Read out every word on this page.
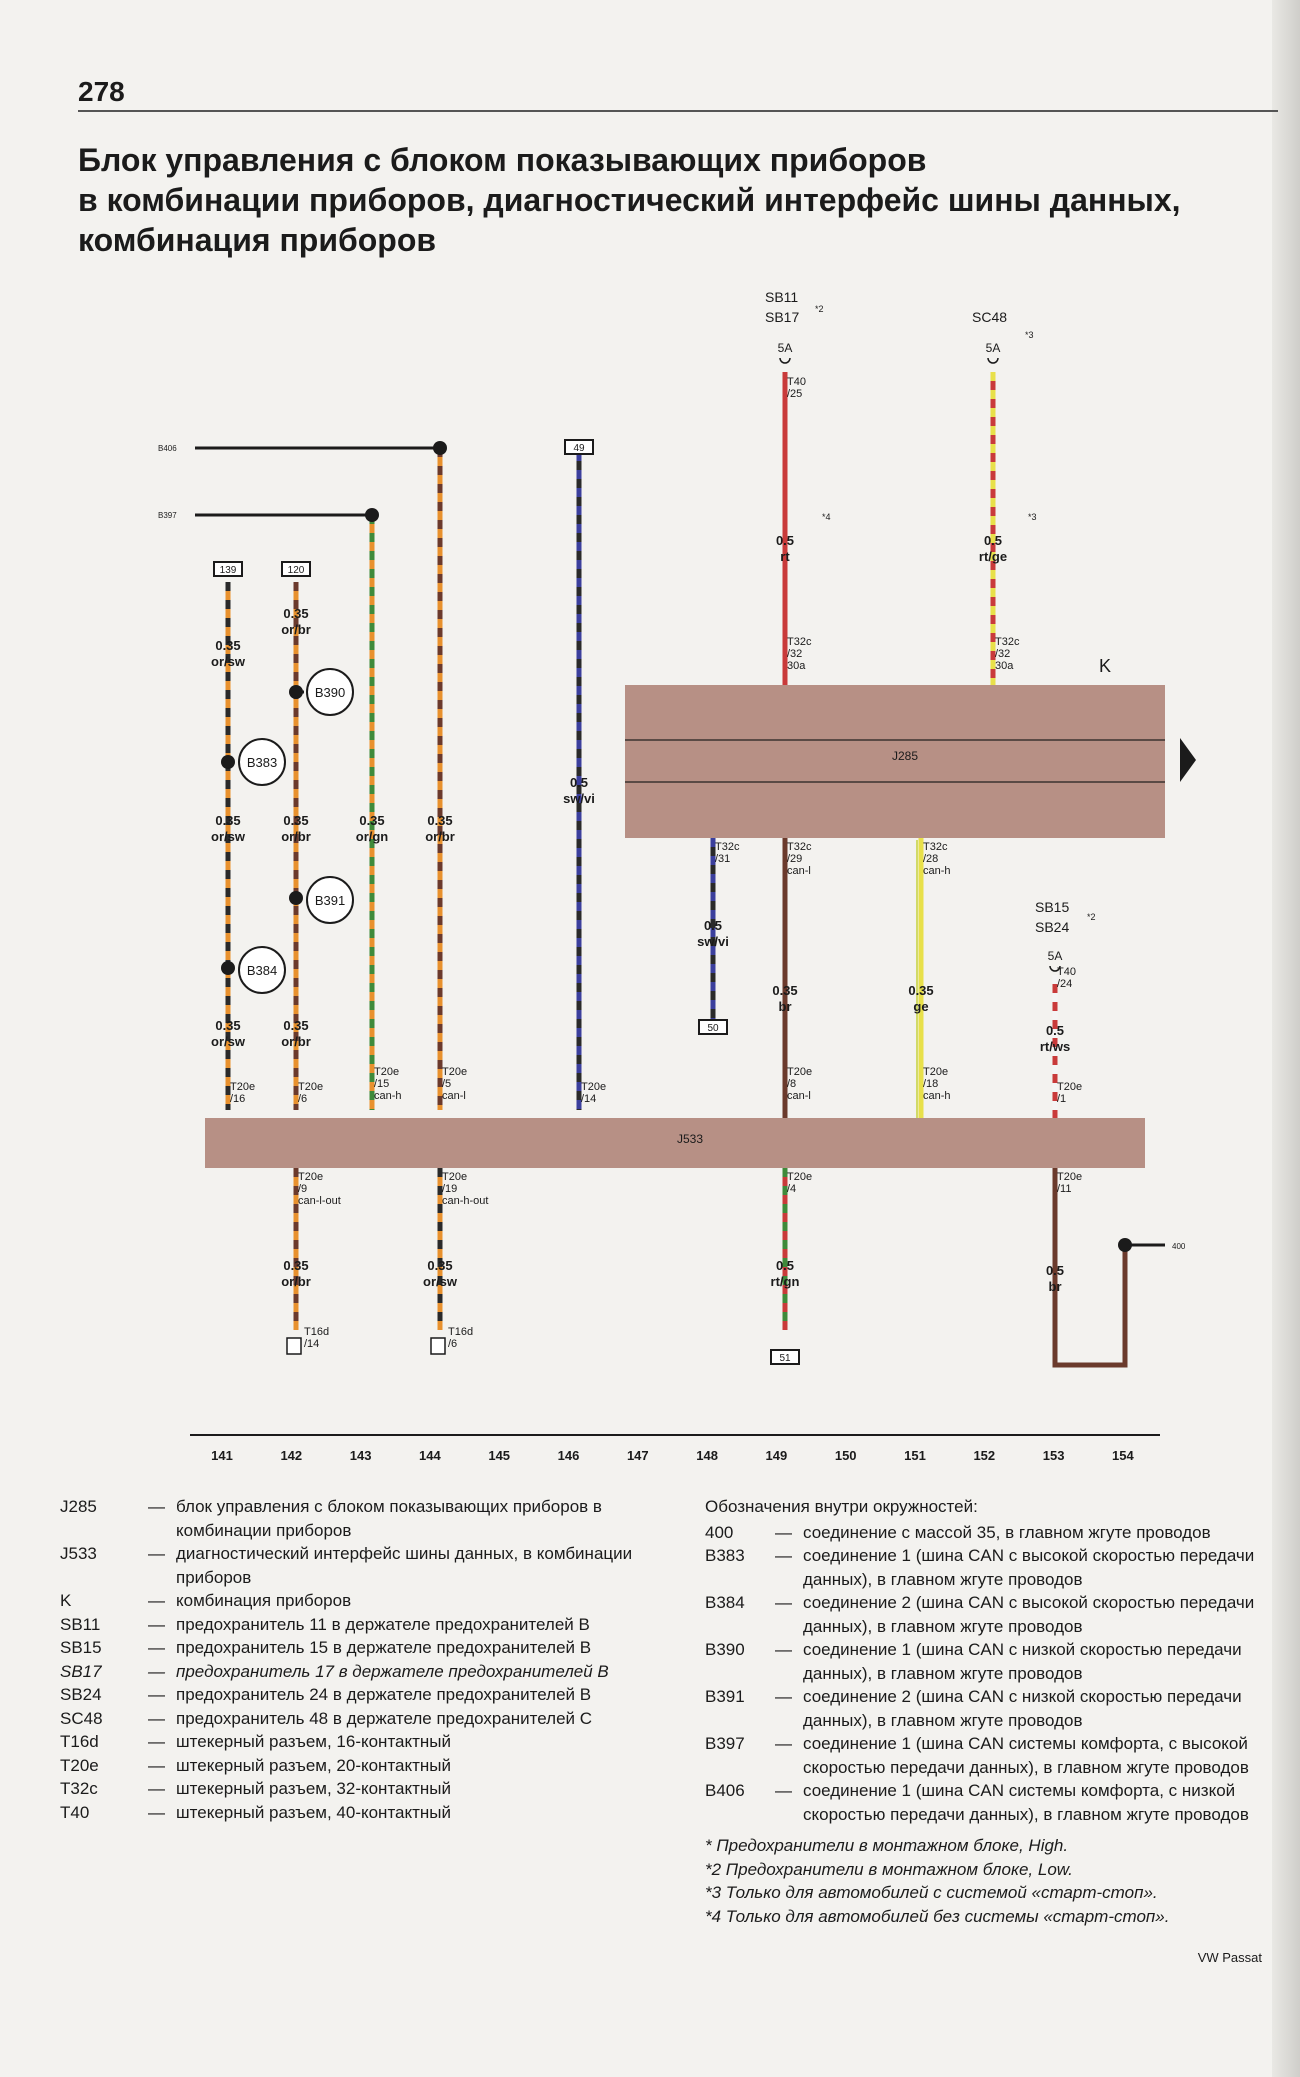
278
Блок управления с блоком показывающих приборов
в комбинации приборов, диагностический интерфейс шины данных,
комбинация приборов
J285
J533
K
B406
B397
139	120
49
0.35
or/sw
0.35
or/br
0.35
or/sw
0.35
or/br
0.35
or/gn
0.35
or/br
0.35
or/sw
0.35
or/br
0.5
sw/vi
B390
B383
B391
B384
T20e
/16
T20e
/6
T20e
/15
can-h
T20e
/5
can-l
T20e
/14
SB11
SB17 *2	SC48
*3
5A	5A
T40
/25
*4	*3
0.5
rt
0.5
rt/ge
T32c
/32
30a
T32c
/32
30a
50
T32c
/31
T32c
/29
can-l
T32c
/28
can-h
0.5
sw/vi
0.35
br
0.35
ge
T20e
/8
can-l
T20e
/18
can-h
SB15
SB24
*2
5A
T40
/24
0.5
rt/ws
T20e
/1
400
T20e
/9
can-l-out
T20e
/19
can-h-out
T20e
/4
T20e
/11
0.35
or/br
0.35
or/sw
0.5
rt/gn
0.5
br
T16d
/14
T16d
/6
51
141	142	143	144	145	146	147	148	149	150	151	152	153	154
J285	— блок управления с блоком показывающих приборов в комбинации приборов
J533	— диагностический интерфейс шины данных, в комбинации приборов
K	— комбинация приборов
SB11	— предохранитель 11 в держателе предохранителей В
SB15	— предохранитель 15 в держателе предохранителей В
SB17	— предохранитель 17 в держателе предохранителей В
SB24	— предохранитель 24 в держателе предохранителей В
SC48	— предохранитель 48 в держателе предохранителей С
T16d	— штекерный разъем, 16-контактный
T20e	— штекерный разъем, 20-контактный
T32c	— штекерный разъем, 32-контактный
T40	— штекерный разъем, 40-контактный
Обозначения внутри окружностей:
400	— соединение с массой 35, в главном жгуте проводов
B383	— соединение 1 (шина CAN с высокой скоростью передачи данных), в главном жгуте проводов
B384	— соединение 2 (шина CAN с высокой скоростью передачи данных), в главном жгуте проводов
B390	— соединение 1 (шина CAN с низкой скоростью передачи данных), в главном жгуте проводов
B391	— соединение 2 (шина CAN с низкой скоростью передачи данных), в главном жгуте проводов
B397	— соединение 1 (шина CAN системы комфорта, с высокой скоростью передачи данных), в главном жгуте проводов
B406	— соединение 1 (шина CAN системы комфорта, с низкой скоростью передачи данных), в главном жгуте проводов
* Предохранители в монтажном блоке, High.
*2 Предохранители в монтажном блоке, Low.
*3 Только для автомобилей с системой «старт-стоп».
*4 Только для автомобилей без системы «старт-стоп».
VW Passat
